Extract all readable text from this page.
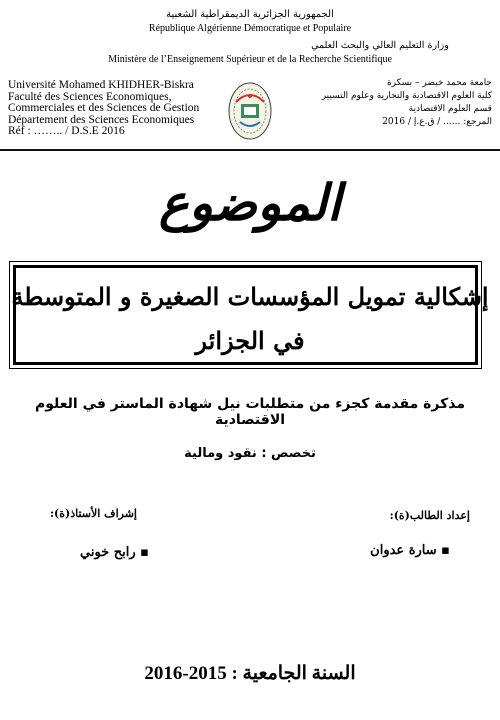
الجمهورية الجزائرية الديمقراطية الشعبية
République Algérienne Démocratique et Populaire
وزارة التعليم العالي والبحث العلمي
Ministère de l’Enseignement Supérieur et de la Recherche Scientifique
Université Mohamed KHIDHER-Biskra
Faculté des Sciences Economiques,
Commerciales et des Sciences de Gestion
Département des Sciences Economiques
Réf : …….. / D.S.E 2016
جامعة محمد خيضر – بسكرة
كلية العلوم الاقتصادية والتجارية وعلوم التسيير
قسم العلوم الاقتصادية
المرجع: ...... / ق.ع.إ / 2016
الموضوع
إشكالية تمويل المؤسسات الصغيرة و المتوسطة
في الجزائر
مذكرة مقدمة كجزء من متطلبات نيل شهادة الماستر في العلوم الاقتصادية
تخصص : نقود ومالية
إشراف الأستاذ(ة):	إعداد الطالب(ة):
▪ رابح خوني	▪ سارة عدوان
السنة الجامعية : 2015-2016
